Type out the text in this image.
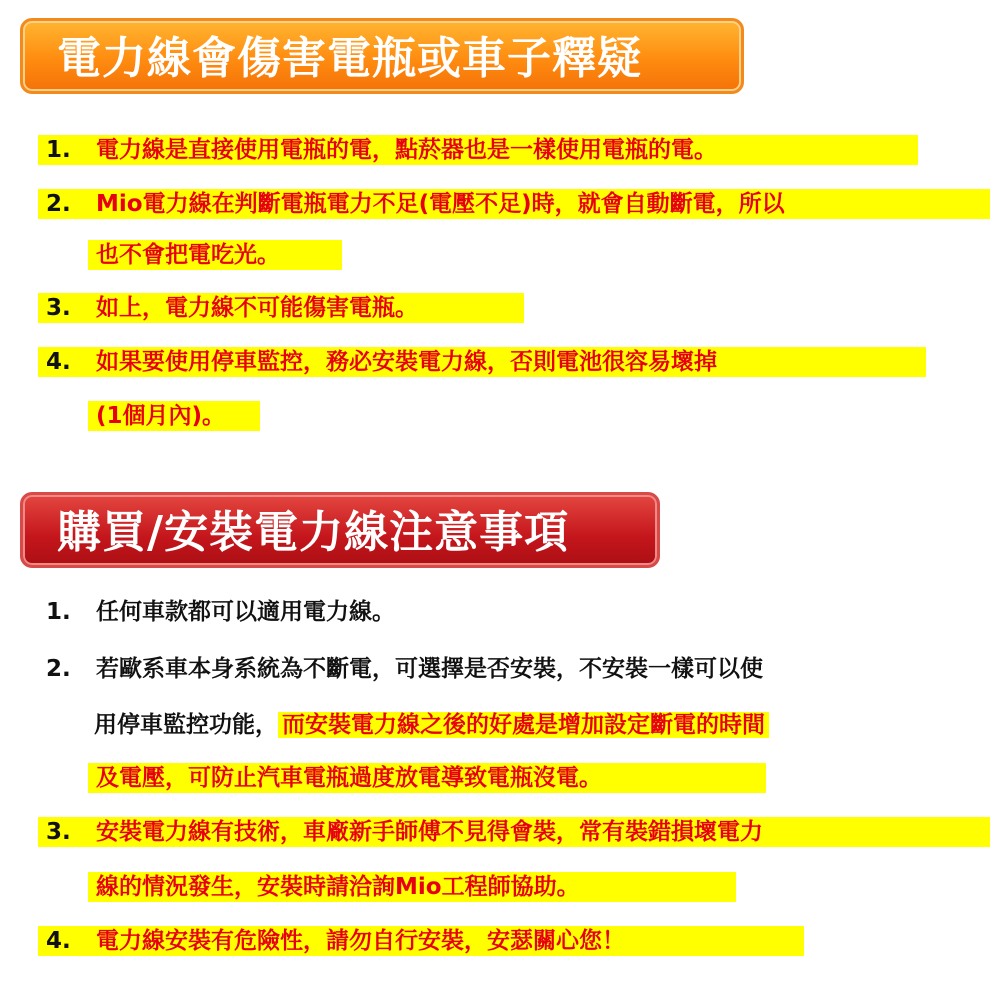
電力線會傷害電瓶或車子釋疑
1. 電力線是直接使用電瓶的電，點菸器也是一樣使用電瓶的電。
2. Mio電力線在判斷電瓶電力不足(電壓不足)時，就會自動斷電，所以
也不會把電吃光。
3. 如上，電力線不可能傷害電瓶。
4. 如果要使用停車監控，務必安裝電力線，否則電池很容易壞掉
(1個月內)。
購買/安裝電力線注意事項
1. 任何車款都可以適用電力線。
2. 若歐系車本身系統為不斷電，可選擇是否安裝，不安裝一樣可以使
用停車監控功能， 而安裝電力線之後的好處是增加設定斷電的時間
及電壓，可防止汽車電瓶過度放電導致電瓶沒電。
3. 安裝電力線有技術，車廠新手師傅不見得會裝，常有裝錯損壞電力
線的情況發生，安裝時請洽詢Mio工程師協助。
4. 電力線安裝有危險性，請勿自行安裝，安瑟關心您！
